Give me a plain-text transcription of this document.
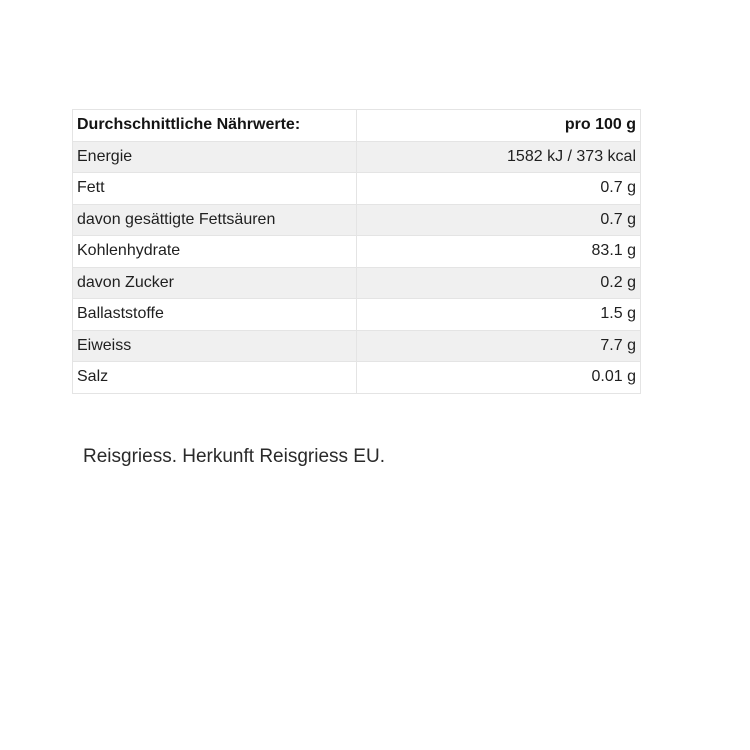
Durchschnittliche Nährwerte:	pro 100 g
Energie	1582 kJ / 373 kcal
Fett	0.7 g
davon gesättigte Fettsäuren	0.7 g
Kohlenhydrate	83.1 g
davon Zucker	0.2 g
Ballaststoffe	1.5 g
Eiweiss	7.7 g
Salz	0.01 g

Reisgriess. Herkunft Reisgriess EU.
